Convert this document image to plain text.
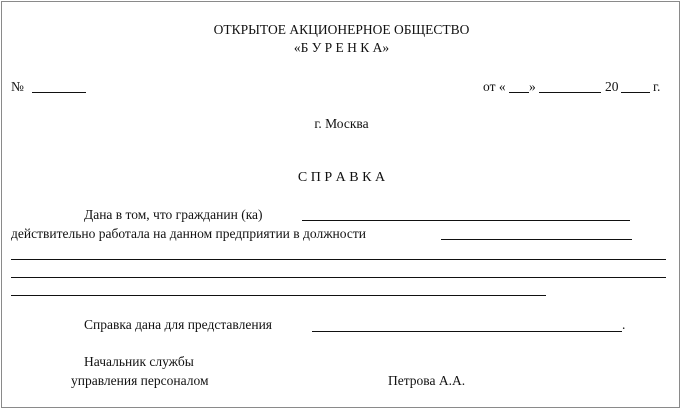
ОТКРЫТОЕ АКЦИОНЕРНОЕ ОБЩЕСТВО
«Б У Р Е Н К А»
№	от « »	20	г.
г. Москва
С П Р А В К А
Дана в том, что гражданин (ка)
действительно работала на данном предприятии в должности
Справка дана для представления	.
Начальник службы
управления персоналом	Петрова А.А.
